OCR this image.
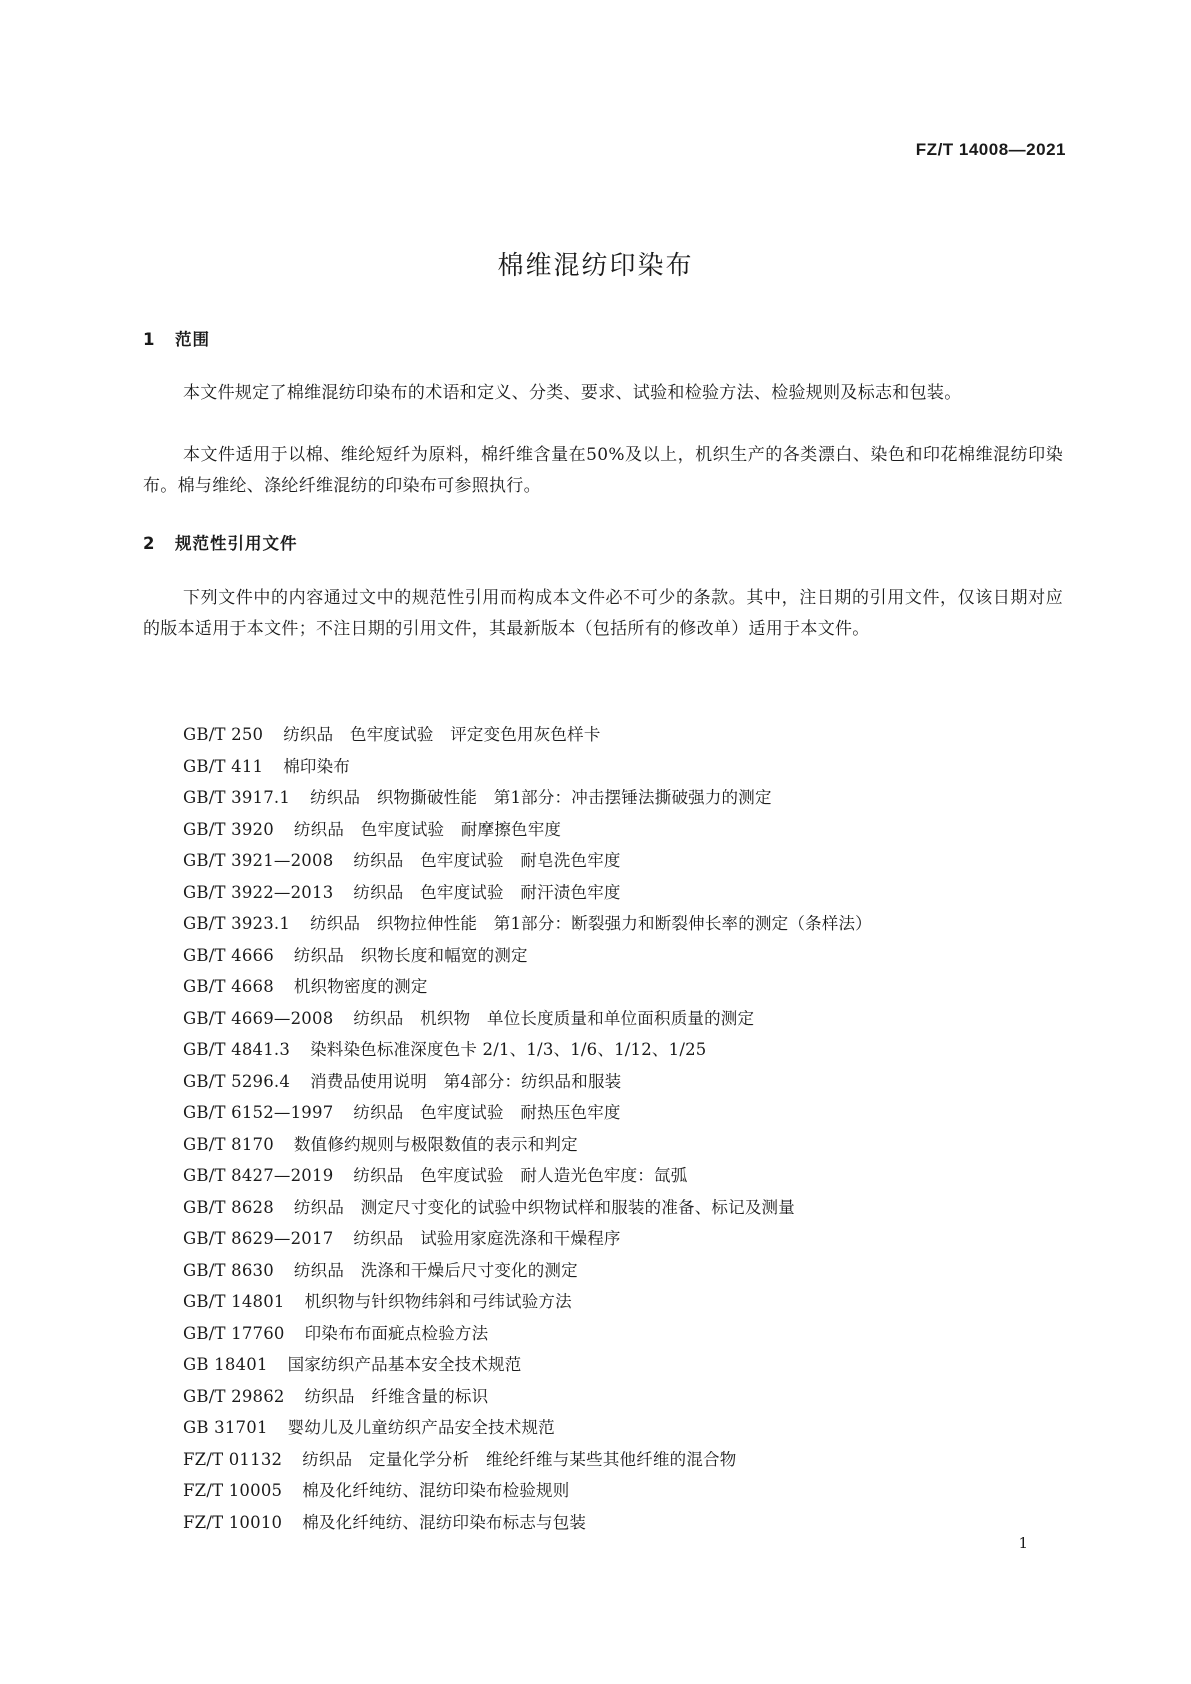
FZ/T 14008—2021
棉维混纺印染布
1 范围
本文件规定了棉维混纺印染布的术语和定义、分类、要求、试验和检验方法、检验规则及标志和包装。
本文件适用于以棉、维纶短纤为原料，棉纤维含量在50%及以上，机织生产的各类漂白、染色和印花棉维混纺印染布。棉与维纶、涤纶纤维混纺的印染布可参照执行。
2 规范性引用文件
下列文件中的内容通过文中的规范性引用而构成本文件必不可少的条款。其中，注日期的引用文件，仅该日期对应的版本适用于本文件；不注日期的引用文件，其最新版本（包括所有的修改单）适用于本文件。
GB/T 250 纺织品　色牢度试验　评定变色用灰色样卡
GB/T 411 棉印染布
GB/T 3917.1 纺织品　织物撕破性能　第1部分：冲击摆锤法撕破强力的测定
GB/T 3920 纺织品　色牢度试验　耐摩擦色牢度
GB/T 3921—2008 纺织品　色牢度试验　耐皂洗色牢度
GB/T 3922—2013 纺织品　色牢度试验　耐汗渍色牢度
GB/T 3923.1 纺织品　织物拉伸性能　第1部分：断裂强力和断裂伸长率的测定（条样法）
GB/T 4666 纺织品　织物长度和幅宽的测定
GB/T 4668 机织物密度的测定
GB/T 4669—2008 纺织品　机织物　单位长度质量和单位面积质量的测定
GB/T 4841.3 染料染色标准深度色卡 2/1、1/3、1/6、1/12、1/25
GB/T 5296.4 消费品使用说明　第4部分：纺织品和服装
GB/T 6152—1997 纺织品　色牢度试验　耐热压色牢度
GB/T 8170 数值修约规则与极限数值的表示和判定
GB/T 8427—2019 纺织品　色牢度试验　耐人造光色牢度：氙弧
GB/T 8628 纺织品　测定尺寸变化的试验中织物试样和服装的准备、标记及测量
GB/T 8629—2017 纺织品　试验用家庭洗涤和干燥程序
GB/T 8630 纺织品　洗涤和干燥后尺寸变化的测定
GB/T 14801 机织物与针织物纬斜和弓纬试验方法
GB/T 17760 印染布布面疵点检验方法
GB 18401 国家纺织产品基本安全技术规范
GB/T 29862 纺织品　纤维含量的标识
GB 31701 婴幼儿及儿童纺织产品安全技术规范
FZ/T 01132 纺织品　定量化学分析　维纶纤维与某些其他纤维的混合物
FZ/T 10005 棉及化纤纯纺、混纺印染布检验规则
FZ/T 10010 棉及化纤纯纺、混纺印染布标志与包装
1
